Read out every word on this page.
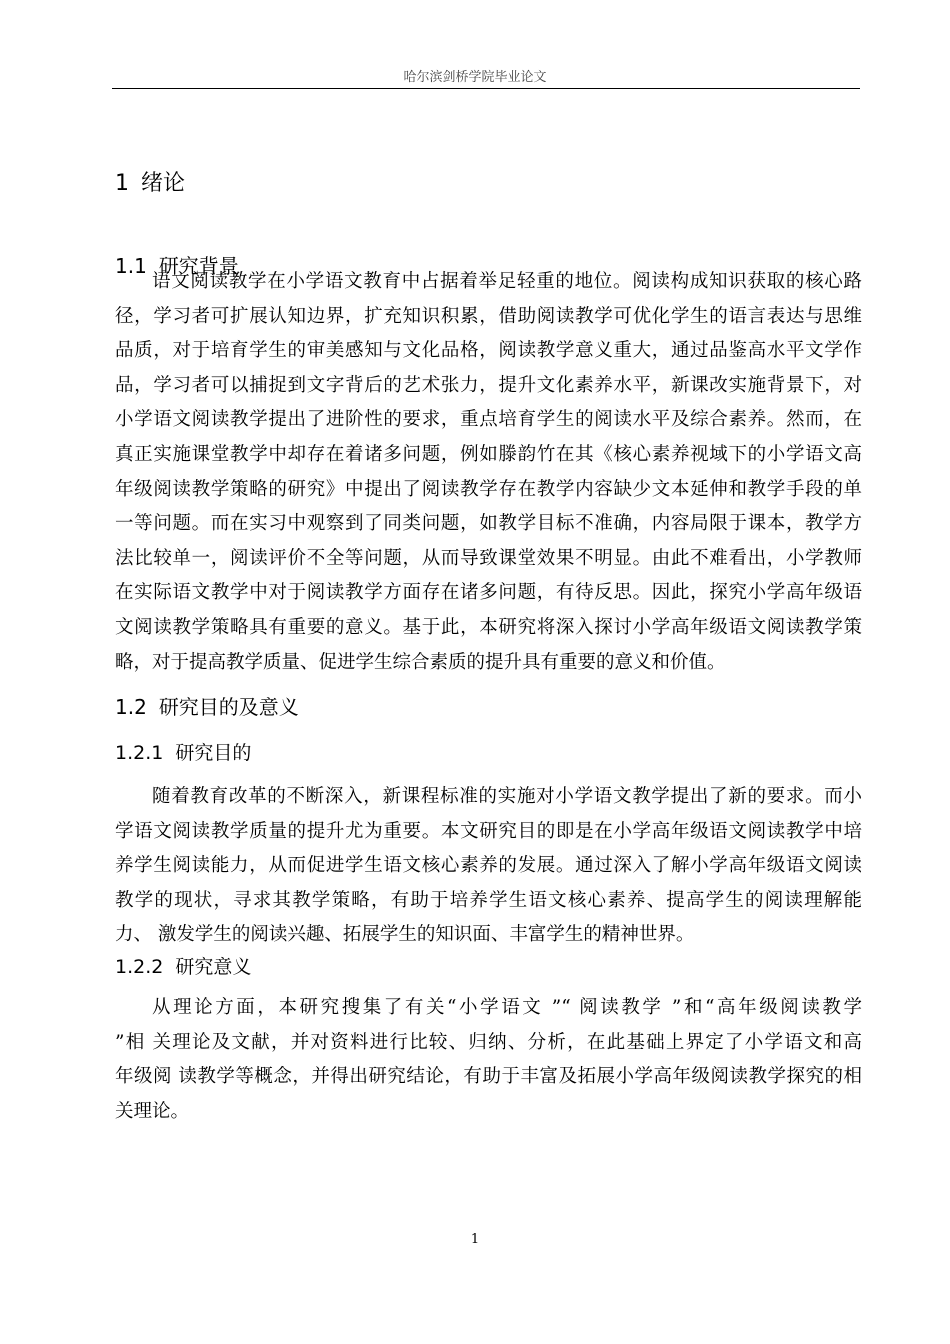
哈尔滨剑桥学院毕业论文
1 绪论
1.1 研究背景
语文阅读教学在小学语文教育中占据着举足轻重的地位。阅读构成知识获取的核心路
径，学习者可扩展认知边界，扩充知识积累，借助阅读教学可优化学生的语言表达与思维
品质，对于培育学生的审美感知与文化品格，阅读教学意义重大，通过品鉴高水平文学作
品，学习者可以捕捉到文字背后的艺术张力，提升文化素养水平，新课改实施背景下，对
小学语文阅读教学提出了进阶性的要求，重点培育学生的阅读水平及综合素养。然而，在
真正实施课堂教学中却存在着诸多问题，例如滕韵竹在其《核心素养视域下的小学语文高
年级阅读教学策略的研究》中提出了阅读教学存在教学内容缺少文本延伸和教学手段的单
一等问题。而在实习中观察到了同类问题，如教学目标不准确，内容局限于课本，教学方
法比较单一，阅读评价不全等问题，从而导致课堂效果不明显。由此不难看出，小学教师
在实际语文教学中对于阅读教学方面存在诸多问题，有待反思。因此，探究小学高年级语
文阅读教学策略具有重要的意义。基于此，本研究将深入探讨小学高年级语文阅读教学策
略，对于提高教学质量、促进学生综合素质的提升具有重要的意义和价值。
1.2 研究目的及意义
1.2.1 研究目的
随着教育改革的不断深入，新课程标准的实施对小学语文教学提出了新的要求。而小
学语文阅读教学质量的提升尤为重要。本文研究目的即是在小学高年级语文阅读教学中培
养学生阅读能力，从而促进学生语文核心素养的发展。通过深入了解小学高年级语文阅读
教学的现状，寻求其教学策略，有助于培养学生语文核心素养、提高学生的阅读理解能
力、 激发学生的阅读兴趣、拓展学生的知识面、丰富学生的精神世界。
1.2.2 研究意义
从理论方面，本研究搜集了有关“小学语文 ”“ 阅读教学 ”和“高年级阅读教学
”相 关理论及文献，并对资料进行比较、归纳、分析，在此基础上界定了小学语文和高
年级阅 读教学等概念，并得出研究结论，有助于丰富及拓展小学高年级阅读教学探究的相
关理论。
1
